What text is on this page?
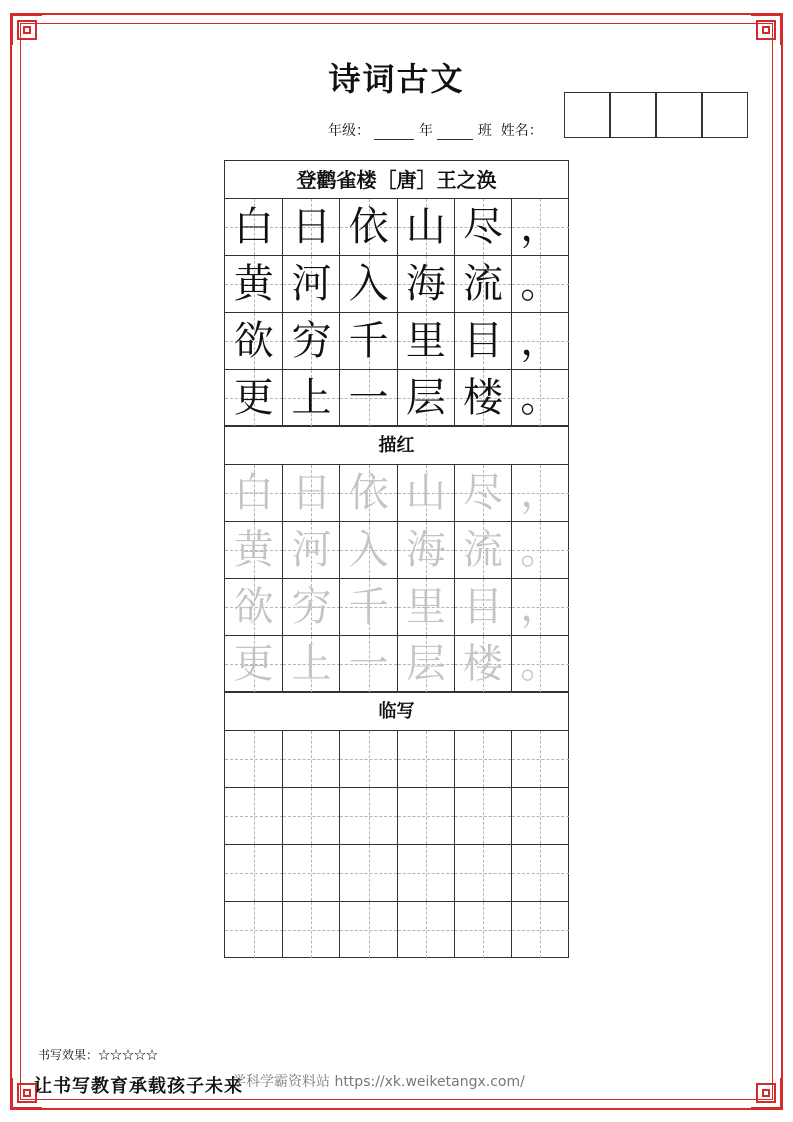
诗词古文
年级：	年	班 姓名：
登鹳雀楼［唐］王之涣
白 日 依 山 尽 ，
黄 河 入 海 流 。
欲 穷 千 里 目 ，
更 上 一 层 楼 。
描红
白 日 依 山 尽 ，
黄 河 入 海 流 。
欲 穷 千 里 目 ，
更 上 一 层 楼 。
临写
书写效果：☆☆☆☆☆
让书写教育承载孩子未来
学科学霸资料站 https://xk.weiketangx.com/
